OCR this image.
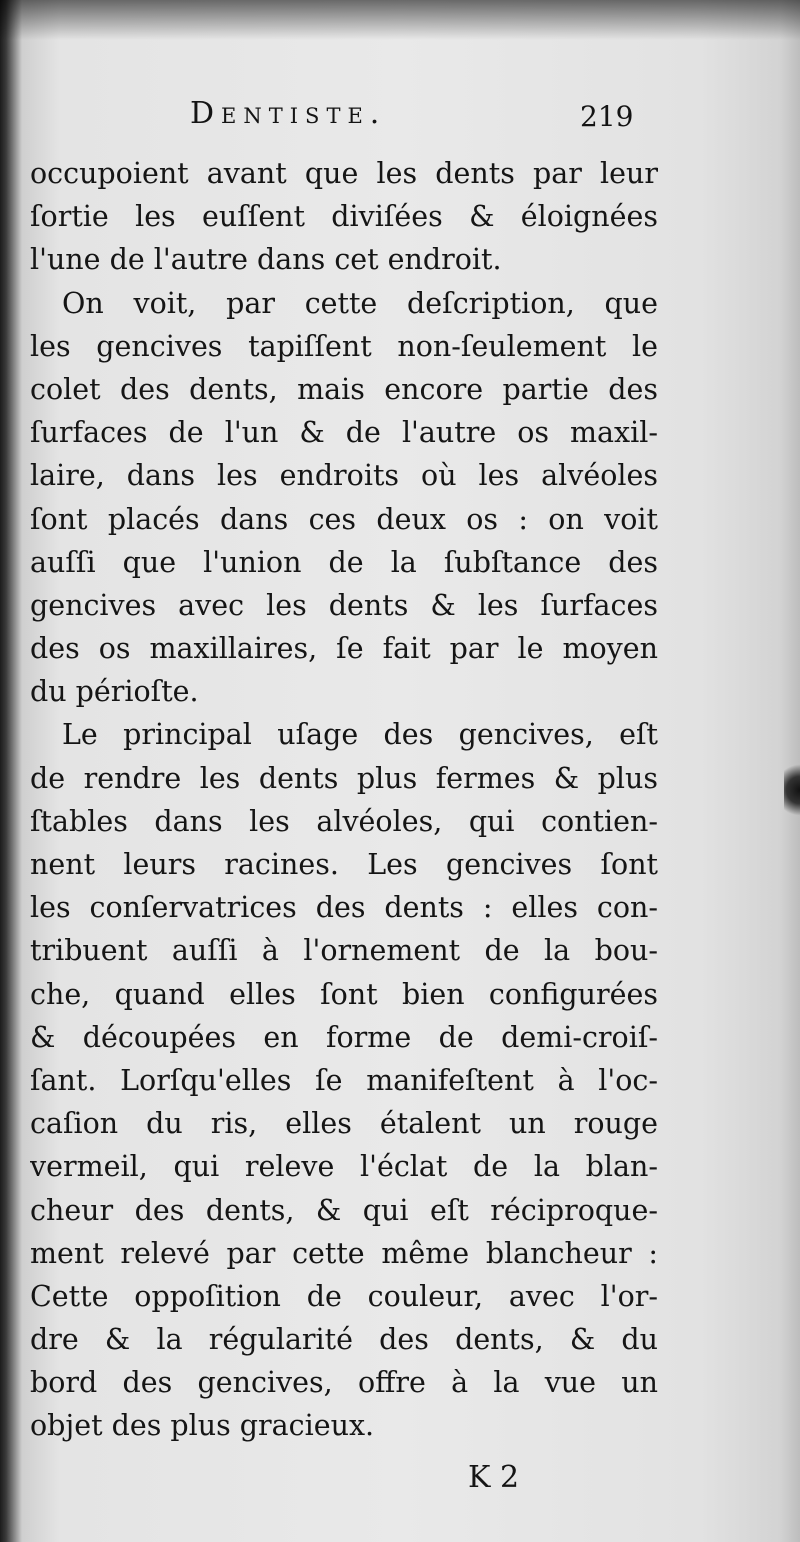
Dentiste.	219
occupoient avant que les dents par leur
ſortie les euſſent diviſées & éloignées
l'une de l'autre dans cet endroit.
On voit, par cette deſcription, que
les gencives tapiſſent non-ſeulement le
colet des dents, mais encore partie des
ſurfaces de l'un & de l'autre os maxil-
laire, dans les endroits où les alvéoles
ſont placés dans ces deux os : on voit
auſſi que l'union de la ſubſtance des
gencives avec les dents & les ſurfaces
des os maxillaires, ſe fait par le moyen
du périoſte.
Le principal uſage des gencives, eſt
de rendre les dents plus fermes & plus
ſtables dans les alvéoles, qui contien-
nent leurs racines. Les gencives ſont
les conſervatrices des dents : elles con-
tribuent auſſi à l'ornement de la bou-
che, quand elles ſont bien configurées
& découpées en forme de demi-croiſ-
ſant. Lorſqu'elles ſe manifeſtent à l'oc-
caſion du ris, elles étalent un rouge
vermeil, qui releve l'éclat de la blan-
cheur des dents, & qui eſt réciproque-
ment relevé par cette même blancheur :
Cette oppoſition de couleur, avec l'or-
dre & la régularité des dents, & du
bord des gencives, offre à la vue un
objet des plus gracieux.
K 2
